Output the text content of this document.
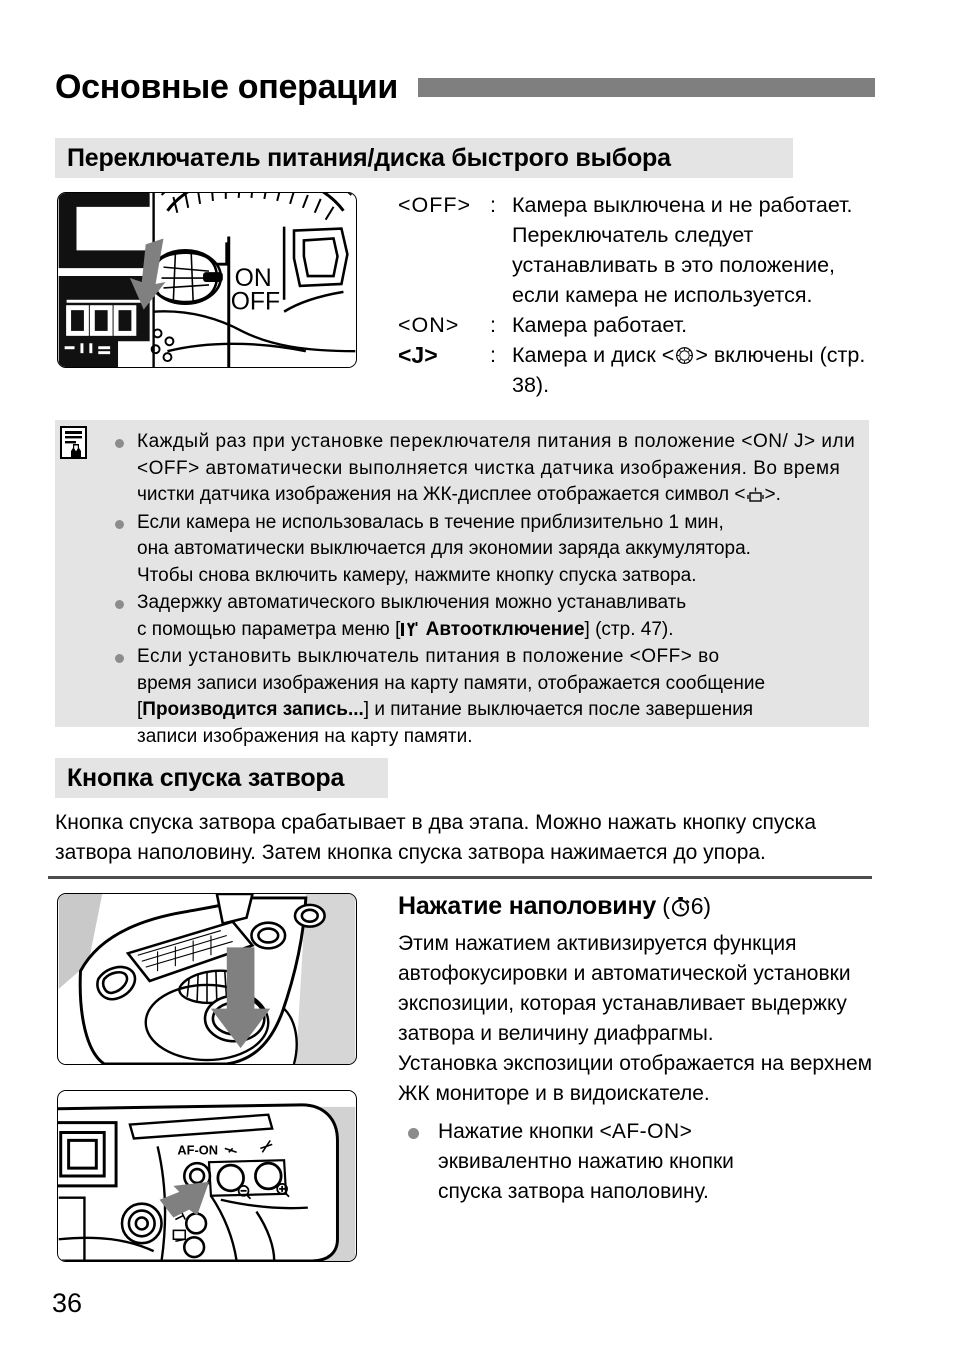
Основные операции
Переключатель питания/диска быстрого выбора
ON
OFF
<OFF> : Камера выключена и не работает. Переключатель следует устанавливать в это положение, если камера не используется.
<ON>	: Камера работает.
<J>	: Камера и диск < > включены (стр. 38).
Каждый раз при установке переключателя питания в положение <ON/ J> или
<OFF> автоматически выполняется чистка датчика изображения. Во время
чистки датчика изображения на ЖК-дисплее отображается символ < >.
Если камера не использовалась в течение приблизительно 1 мин,
она автоматически выключается для экономии заряда аккумулятора.
Чтобы снова включить камеру, нажмите кнопку спуска затвора.
Задержку автоматического выключения можно устанавливать
с помощью параметра меню [ Автоотключение] (стр. 47).
Если установить выключатель питания в положение <OFF> во
время записи изображения на карту памяти, отображается сообщение
[Производится запись...] и питание выключается после завершения
записи изображения на карту памяти.
Кнопка спуска затвора
Кнопка спуска затвора срабатывает в два этапа. Можно нажать кнопку спуска затвора наполовину. Затем кнопка спуска затвора нажимается до упора.
AF-ON
Нажатие наполовину ( 6)

Этим нажатием активизируется функция автофокусировки и автоматической установки экспозиции, которая устанавливает выдержку затвора и величину диафрагмы.

Установка экспозиции отображается на верхнем ЖК мониторе и в видоискателе.

Нажатие кнопки <AF-ON>
эквивалентно нажатию кнопки
спуска затвора наполовину.
36
